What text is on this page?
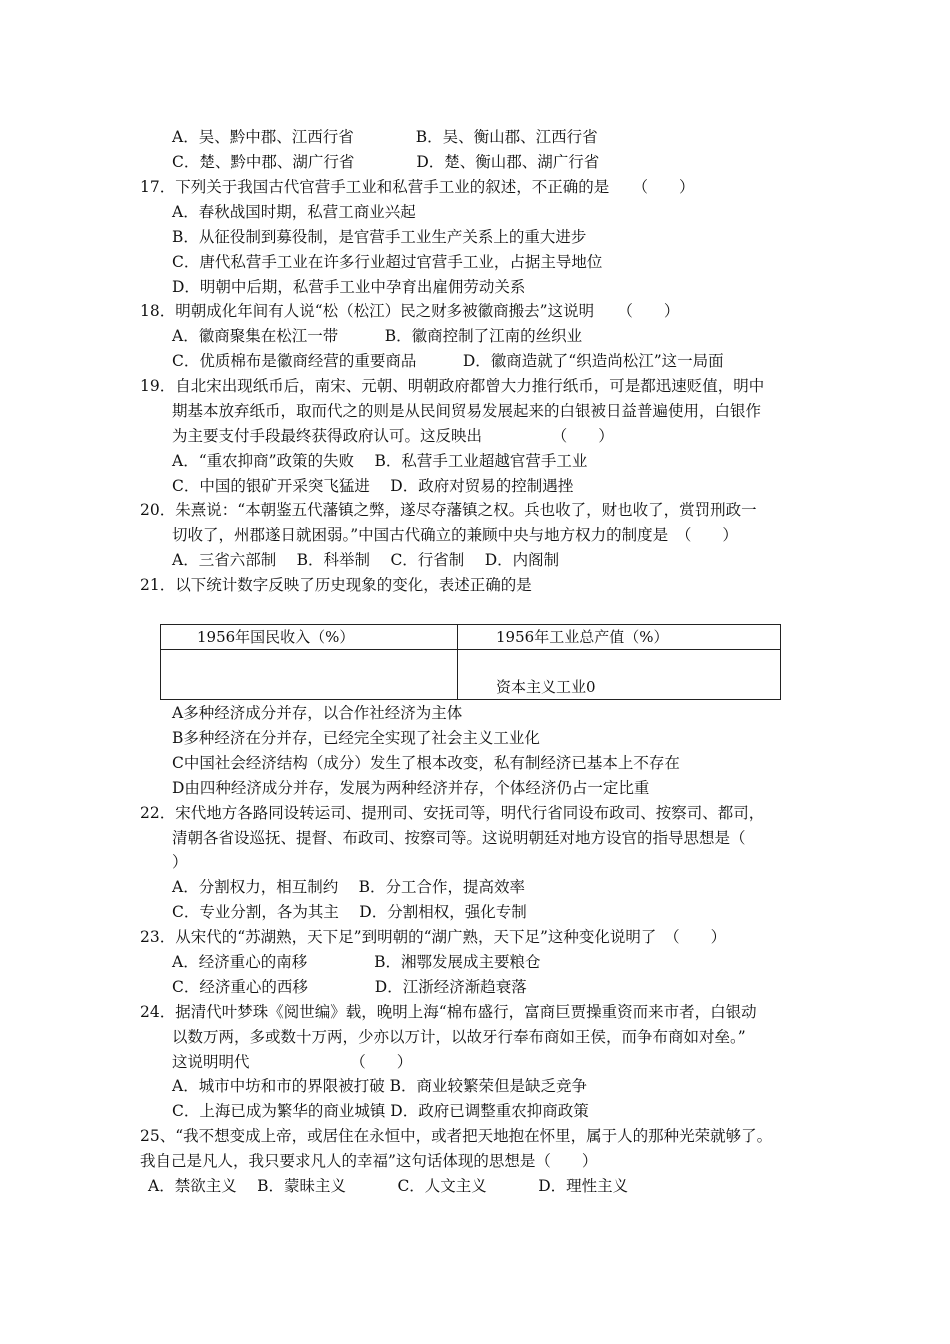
A．吴、黔中郡、江西行省　　　　B．吴、衡山郡、江西行省
C．楚、黔中郡、湖广行省　　　　D．楚、衡山郡、湖广行省
17．下列关于我国古代官营手工业和私营手工业的叙述，不正确的是　　（　　）
A．春秋战国时期，私营工商业兴起
B．从征役制到募役制，是官营手工业生产关系上的重大进步
C．唐代私营手工业在许多行业超过官营手工业，占据主导地位
D．明朝中后期，私营手工业中孕育出雇佣劳动关系
18．明朝成化年间有人说“松（松江）民之财多被徽商搬去”这说明　　（　　）
A．徽商聚集在松江一带　　　B．徽商控制了江南的丝织业
C．优质棉布是徽商经营的重要商品　　　D．徽商造就了“织造尚松江”这一局面
19．自北宋出现纸币后，南宋、元朝、明朝政府都曾大力推行纸币，可是都迅速贬值，明中
期基本放弃纸币，取而代之的则是从民间贸易发展起来的白银被日益普遍使用，白银作
为主要支付手段最终获得政府认可。这反映出　　　　　（　　）
A．“重农抑商”政策的失败　 B．私营手工业超越官营手工业
C．中国的银矿开采突飞猛进　 D．政府对贸易的控制遇挫
20．朱熹说：“本朝鉴五代藩镇之弊，遂尽夺藩镇之权。兵也收了，财也收了，赏罚刑政一
切收了，州郡遂日就困弱。”中国古代确立的兼顾中央与地方权力的制度是　（　　）
A．三省六部制　 B．科举制　 C．行省制　 D．内阁制
21．以下统计数字反映了历史现象的变化，表述正确的是
1956年国民收入（%）	1956年工业总产值（%）

	资本主义工业0
A多种经济成分并存，以合作社经济为主体
B多种经济在分并存，已经完全实现了社会主义工业化
C中国社会经济结构（成分）发生了根本改变，私有制经济已基本上不存在
D由四种经济成分并存，发展为两种经济并存，个体经济仍占一定比重
22．宋代地方各路同设转运司、提刑司、安抚司等，明代行省同设布政司、按察司、都司，
清朝各省设巡抚、提督、布政司、按察司等。这说明朝廷对地方设官的指导思想是（
）
A．分割权力，相互制约　 B．分工合作，提高效率
C．专业分割，各为其主　 D．分割相权，强化专制
23．从宋代的“苏湖熟，天下足”到明朝的“湖广熟，天下足”这种变化说明了　（　　）
A．经济重心的南移　　　　 B．湘鄂发展成主要粮仓
C．经济重心的西移　　　　 D．江浙经济渐趋衰落
24．据清代叶梦珠《阅世编》载，晚明上海“棉布盛行，富商巨贾操重资而来市者，白银动
以数万两，多或数十万两，少亦以万计，以故牙行奉布商如王侯，而争布商如对垒。”
这说明明代　　　　　　　（　　）
A．城市中坊和市的界限被打破 B．商业较繁荣但是缺乏竞争
C．上海已成为繁华的商业城镇 D．政府已调整重农抑商政策
25、“我不想变成上帝，或居住在永恒中，或者把天地抱在怀里，属于人的那种光荣就够了。
我自己是凡人，我只要求凡人的幸福”这句话体现的思想是（　　）
A．禁欲主义　 B．蒙昧主义　　　 C．人文主义　　　 D．理性主义
